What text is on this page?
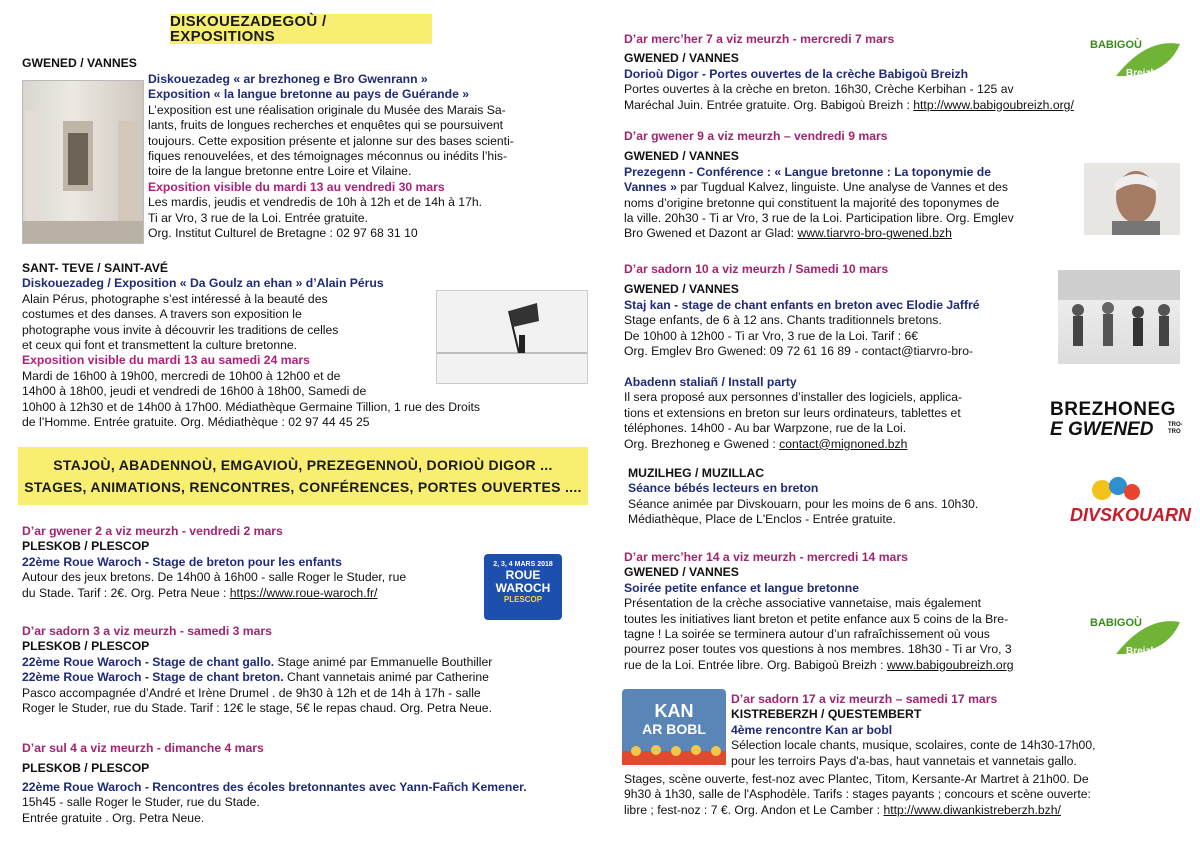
DISKOUEZADEGOÙ / EXPOSITIONS
GWENED / VANNES
Diskouezadeg « ar brezhoneg e Bro Gwenrann »
Exposition « la langue bretonne au pays de Guérande »
L’exposition est une réalisation originale du Musée des Marais Sa-
lants, fruits de longues recherches et enquêtes qui se poursuivent
toujours. Cette exposition présente et jalonne sur des bases scienti-
fiques renouvelées, et des témoignages méconnus ou inédits l’his-
toire de la langue bretonne entre Loire et Vilaine.
Exposition visible du mardi 13 au vendredi 30 mars
Les mardis, jeudis et vendredis de 10h à 12h et de 14h à 17h.
Ti ar Vro, 3 rue de la Loi. Entrée gratuite.
Org. Institut Culturel de Bretagne : 02 97 68 31 10
SANT- TEVE / SAINT-AVÉ
Diskouezadeg / Exposition « Da Goulz an ehan » d’Alain Pérus
Alain Pérus, photographe s’est intéressé à la beauté des
costumes et des danses. A travers son exposition le
photographe vous invite à découvrir les traditions de celles
et ceux qui font et transmettent la culture bretonne.
Exposition visible du mardi 13 au samedi 24 mars
Mardi de 16h00 à 19h00, mercredi de 10h00 à 12h00 et de
14h00 à 18h00, jeudi et vendredi de 16h00 à 18h00, Samedi de
10h00 à 12h30 et de 14h00 à 17h00. Médiathèque Germaine Tillion, 1 rue des Droits
de l’Homme. Entrée gratuite. Org. Médiathèque : 02 97 44 45 25
STAJOÙ, ABADENNOÙ, EMGAVIOÙ, PREZEGENNOÙ, DORIOÙ DIGOR ...
STAGES, ANIMATIONS, RENCONTRES, CONFÉRENCES, PORTES OUVERTES ....
D’ar gwener 2 a viz meurzh - vendredi 2 mars
PLESKOB / PLESCOP
22ème Roue Waroch - Stage de breton pour les enfants
Autour des jeux bretons. De 14h00 à 16h00 - salle Roger le Studer, rue
du Stade. Tarif : 2€. Org. Petra Neue : https://www.roue-waroch.fr/
2, 3, 4 MARS 2018
ROUE
WAROCH
PLESCOP
D’ar sadorn 3 a viz meurzh - samedi 3 mars
PLESKOB / PLESCOP
22ème Roue Waroch - Stage de chant gallo. Stage animé par Emmanuelle Bouthiller
22ème Roue Waroch - Stage de chant breton. Chant vannetais animé par Catherine
Pasco accompagnée d’André et Irène Drumel . de 9h30 à 12h et de 14h à 17h - salle
Roger le Studer, rue du Stade. Tarif : 12€ le stage, 5€ le repas chaud. Org. Petra Neue.
D’ar sul 4 a viz meurzh - dimanche 4 mars
PLESKOB / PLESCOP
22ème Roue Waroch - Rencontres des écoles bretonnantes avec Yann-Fañch Kemener.
15h45 - salle Roger le Studer, rue du Stade.
Entrée gratuite . Org. Petra Neue.
D’ar merc’her 7 a viz meurzh - mercredi 7 mars
GWENED / VANNES
Dorioù Digor - Portes ouvertes de la crèche Babigoù Breizh
Portes ouvertes à la crèche en breton. 16h30, Crèche Kerbihan - 125 av
Maréchal Juin. Entrée gratuite. Org. Babigoù Breizh : http://www.babigoubreizh.org/
BABIGOÙ
Breizh
D’ar gwener 9 a viz meurzh – vendredi 9 mars
GWENED / VANNES
Prezegenn - Conférence : « Langue bretonne : La toponymie de
Vannes » par Tugdual Kalvez, linguiste. Une analyse de Vannes et des
noms d’origine bretonne qui constituent la majorité des toponymes de
la ville. 20h30 - Ti ar Vro, 3 rue de la Loi. Participation libre. Org. Emglev
Bro Gwened et Dazont ar Glad: www.tiarvro-bro-gwened.bzh
D’ar sadorn 10 a viz meurzh / Samedi 10 mars
GWENED / VANNES
Staj kan - stage de chant enfants en breton avec Elodie Jaffré
Stage enfants, de 6 à 12 ans. Chants traditionnels bretons.
De 10h00 à 12h00 - Ti ar Vro, 3 rue de la Loi. Tarif : 6€
Org. Emglev Bro Gwened: 09 72 61 16 89 - contact@tiarvro-bro-
Abadenn staliañ / Install party
Il sera proposé aux personnes d’installer des logiciels, applica-
tions et extensions en breton sur leurs ordinateurs, tablettes et
téléphones. 14h00 - Au bar Warpzone, rue de la Loi.
Org. Brezhoneg e Gwened : contact@mignoned.bzh
BREZHONEG
E GWENED	TRO-TRO
MUZILHEG / MUZILLAC
Séance bébés lecteurs en breton
Séance animée par Divskouarn, pour les moins de 6 ans. 10h30.
Médiathèque, Place de L'Enclos - Entrée gratuite.	DIVSKOUARN
D’ar merc’her 14 a viz meurzh - mercredi 14 mars
GWENED / VANNES
Soirée petite enfance et langue bretonne
Présentation de la crèche associative vannetaise, mais également
toutes les initiatives liant breton et petite enfance aux 5 coins de la Bre-
tagne ! La soirée se terminera autour d’un rafraîchissement où vous
pourrez poser toutes vos questions à nos membres. 18h30 - Ti ar Vro, 3
rue de la Loi. Entrée libre. Org. Babigoù Breizh : www.babigoubreizh.org
BABIGOÙ
Breizh
KAN
AR BOBL
D’ar sadorn 17 a viz meurzh – samedi 17 mars
KISTREBERZH / QUESTEMBERT
4ème rencontre Kan ar bobl
Sélection locale chants, musique, scolaires, conte de 14h30-17h00,
pour les terroirs Pays d'a-bas, haut vannetais et vannetais gallo.
Stages, scène ouverte, fest-noz avec Plantec, Titom, Kersante-Ar Martret à 21h00. De
9h30 à 1h30, salle de l'Asphodèle. Tarifs : stages payants ; concours et scène ouverte:
libre ; fest-noz : 7 €. Org. Andon et Le Camber : http://www.diwankistreberzh.bzh/
